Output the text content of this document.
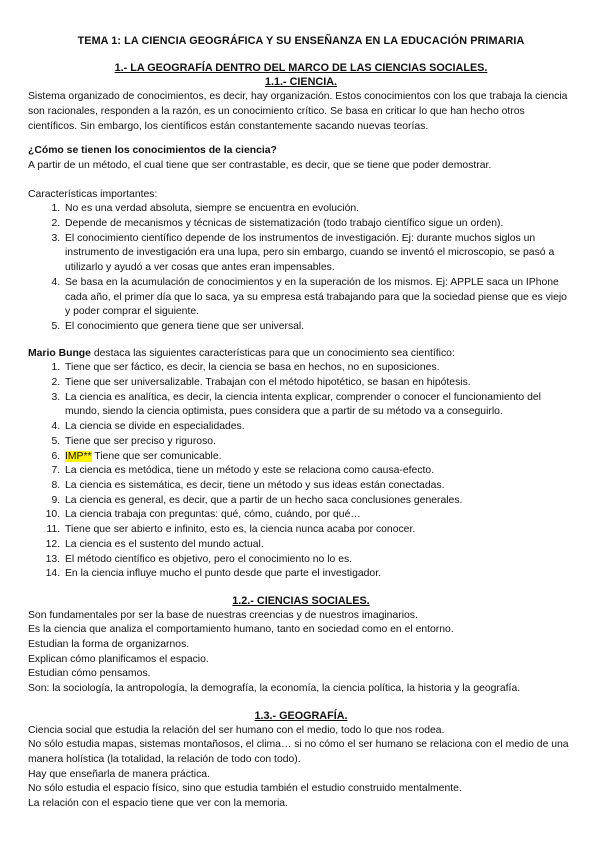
TEMA 1: LA CIENCIA GEOGRÁFICA Y SU ENSEÑANZA EN LA EDUCACIÓN PRIMARIA

1.- LA GEOGRAFÍA DENTRO DEL MARCO DE LAS CIENCIAS SOCIALES.

1.1.- CIENCIA.

Sistema organizado de conocimientos, es decir, hay organización. Estos conocimientos con los que trabaja la ciencia son racionales, responden a la razón, es un conocimiento crítico. Se basa en criticar lo que han hecho otros científicos. Sin embargo, los científicos están constantemente sacando nuevas teorías.

¿Cómo se tienen los conocimientos de la ciencia?

A partir de un método, el cual tiene que ser contrastable, es decir, que se tiene que poder demostrar.

Características importantes:

1. No es una verdad absoluta, siempre se encuentra en evolución.
2. Depende de mecanismos y técnicas de sistematización (todo trabajo científico sigue un orden).
3. El conocimiento científico depende de los instrumentos de investigación. Ej: durante muchos siglos un instrumento de investigación era una lupa, pero sin embargo, cuando se inventó el microscopio, se pasó a utilizarlo y ayudó a ver cosas que antes eran impensables.
4. Se basa en la acumulación de conocimientos y en la superación de los mismos. Ej: APPLE saca un IPhone cada año, el primer día que lo saca, ya su empresa está trabajando para que la sociedad piense que es viejo y poder comprar el siguiente.
5. El conocimiento que genera tiene que ser universal.

Mario Bunge destaca las siguientes características para que un conocimiento sea científico:

1. Tiene que ser fáctico, es decir, la ciencia se basa en hechos, no en suposiciones.
2. Tiene que ser universalizable. Trabajan con el método hipotético, se basan en hipótesis.
3. La ciencia es analítica, es decir, la ciencia intenta explicar, comprender o conocer el funcionamiento del mundo, siendo la ciencia optimista, pues considera que a partir de su método va a conseguirlo.
4. La ciencia se divide en especialidades.
5. Tiene que ser preciso y riguroso.
6. IMP** Tiene que ser comunicable.
7. La ciencia es metódica, tiene un método y este se relaciona como causa-efecto.
8. La ciencia es sistemática, es decir, tiene un método y sus ideas están conectadas.
9. La ciencia es general, es decir, que a partir de un hecho saca conclusiones generales.
10. La ciencia trabaja con preguntas: qué, cómo, cuándo, por qué…
11. Tiene que ser abierto e infinito, esto es, la ciencia nunca acaba por conocer.
12. La ciencia es el sustento del mundo actual.
13. El método científico es objetivo, pero el conocimiento no lo es.
14. En la ciencia influye mucho el punto desde que parte el investigador.

1.2.- CIENCIAS SOCIALES.

Son fundamentales por ser la base de nuestras creencias y de nuestros imaginarios.

Es la ciencia que analiza el comportamiento humano, tanto en sociedad como en el entorno.

Estudian la forma de organizarnos.

Explican cómo planificamos el espacio.

Estudian cómo pensamos.

Son: la sociología, la antropología, la demografía, la economía, la ciencia política, la historia y la geografía.

1.3.- GEOGRAFÍA.

Ciencia social que estudia la relación del ser humano con el medio, todo lo que nos rodea.

No sólo estudia mapas, sistemas montañosos, el clima… si no cómo el ser humano se relaciona con el medio de una manera holística (la totalidad, la relación de todo con todo).

Hay que enseñarla de manera práctica.

No sólo estudia el espacio físico, sino que estudia también el estudio construido mentalmente.

La relación con el espacio tiene que ver con la memoria.
